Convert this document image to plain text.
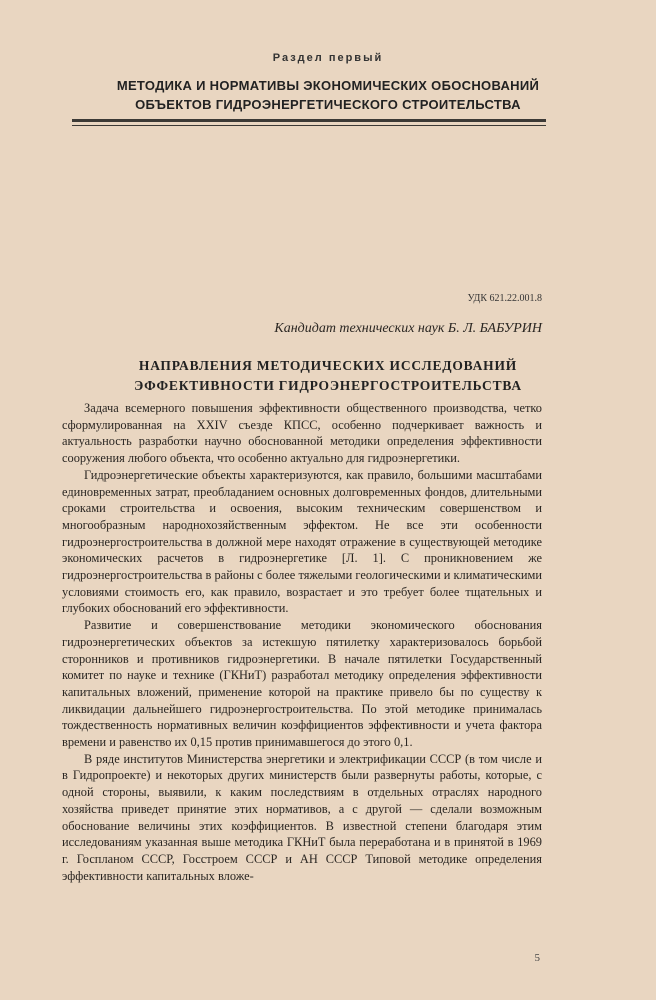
Раздел первый
МЕТОДИКА И НОРМАТИВЫ ЭКОНОМИЧЕСКИХ ОБОСНОВАНИЙ
ОБЪЕКТОВ ГИДРОЭНЕРГЕТИЧЕСКОГО СТРОИТЕЛЬСТВА
УДК 621.22.001.8
Кандидат технических наук Б. Л. БАБУРИН
НАПРАВЛЕНИЯ МЕТОДИЧЕСКИХ ИССЛЕДОВАНИЙ
ЭФФЕКТИВНОСТИ ГИДРОЭНЕРГОСТРОИТЕЛЬСТВА

Задача всемерного повышения эффективности общественного производства, четко сформулированная на XXIV съезде КПСС, особенно подчеркивает важность и актуальность разработки научно обоснованной методики определения эффективности сооружения любого объекта, что особенно актуально для гидроэнергетики.

Гидроэнергетические объекты характеризуются, как правило, большими масштабами единовременных затрат, преобладанием основных долговременных фондов, длительными сроками строительства и освоения, высоким техническим совершенством и многообразным народнохозяйственным эффектом. Не все эти особенности гидроэнергостроительства в должной мере находят отражение в существующей методике экономических расчетов в гидроэнергетике [Л. 1]. С проникновением же гидроэнергостроительства в районы с более тяжелыми геологическими и климатическими условиями стоимость его, как правило, возрастает и это требует более тщательных и глубоких обоснований его эффективности.

Развитие и совершенствование методики экономического обоснования гидроэнергетических объектов за истекшую пятилетку характеризовалось борьбой сторонников и противников гидроэнергетики. В начале пятилетки Государственный комитет по науке и технике (ГКНиТ) разработал методику определения эффективности капитальных вложений, применение которой на практике привело бы по существу к ликвидации дальнейшего гидроэнергостроительства. По этой методике принималась тождественность нормативных величин коэффициентов эффективности и учета фактора времени и равенство их 0,15 против принимавшегося до этого 0,1.

В ряде институтов Министерства энергетики и электрификации СССР (в том числе и в Гидропроекте) и некоторых других министерств были развернуты работы, которые, с одной стороны, выявили, к каким последствиям в отдельных отраслях народного хозяйства приведет принятие этих нормативов, а с другой — сделали возможным обоснование величины этих коэффициентов. В известной степени благодаря этим исследованиям указанная выше методика ГКНиТ была переработана и в принятой в 1969 г. Госпланом СССР, Госстроем СССР и АН СССР Типовой методике определения эффективности капитальных вложе-

5
